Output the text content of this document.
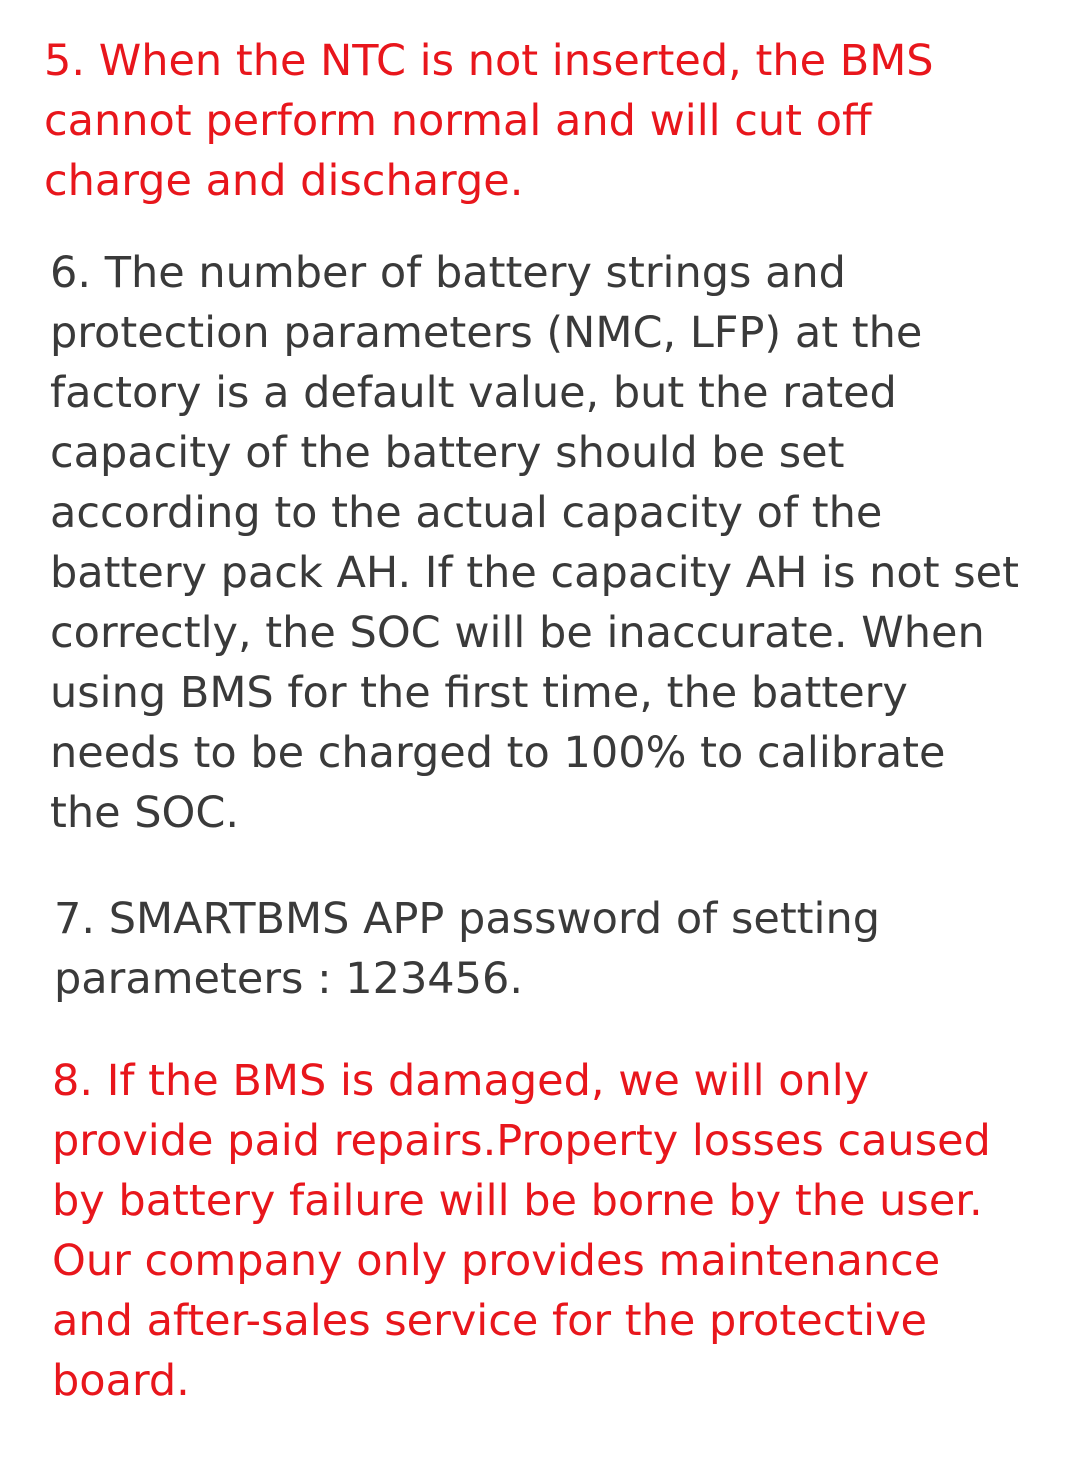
5. When the NTC is not inserted, the BMS
cannot perform normal and will cut off
charge and discharge.

6. The number of battery strings and
protection parameters (NMC, LFP) at the
factory is a default value, but the rated
capacity of the battery should be set
according to the actual capacity of the
battery pack AH. If the capacity AH is not set
correctly, the SOC will be inaccurate. When
using BMS for the first time, the battery
needs to be charged to 100% to calibrate
the SOC.

7. SMARTBMS APP password of setting
parameters : 123456.

8. If the BMS is damaged, we will only
provide paid repairs.Property losses caused
by battery failure will be borne by the user.
Our company only provides maintenance
and after-sales service for the protective
board.
